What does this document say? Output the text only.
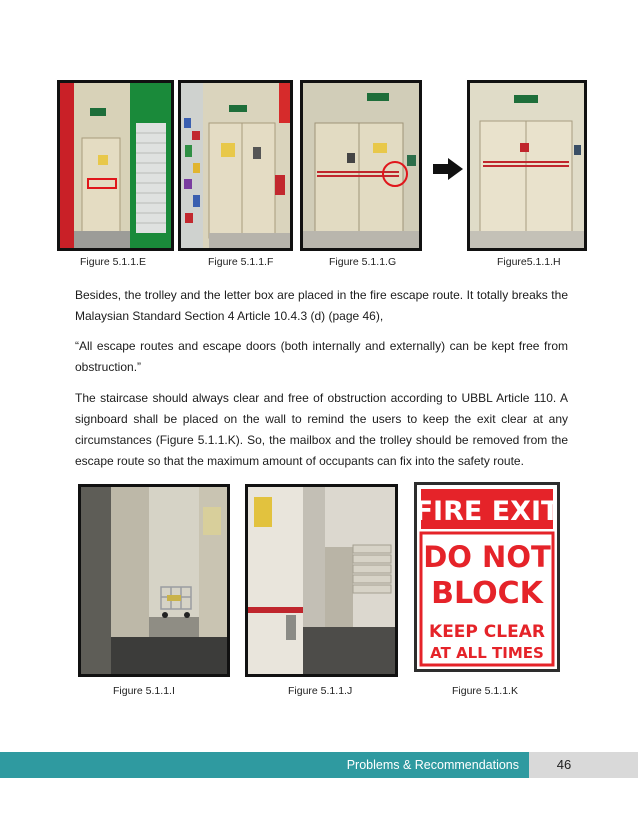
Figure 5.1.1.E	Figure 5.1.1.F	Figure 5.1.1.G	Figure5.1.1.H

Besides, the trolley and the letter box are placed in the fire escape route. It totally breaks the Malaysian Standard Section 4 Article 10.4.3 (d) (page 46),

“All escape routes and escape doors (both internally and externally) can be kept free from obstruction.”

The staircase should always clear and free of obstruction according to UBBL Article 110. A signboard shall be placed on the wall to remind the users to keep the exit clear at any circumstances (Figure 5.1.1.K). So, the mailbox and the trolley should be removed from the escape route so that the maximum amount of occupants can fix into the safety route.

FIRE EXIT
DO NOT
BLOCK
KEEP CLEAR
AT ALL TIMES
Figure 5.1.1.I	Figure 5.1.1.J	Figure 5.1.1.K
Problems & Recommendations	46
